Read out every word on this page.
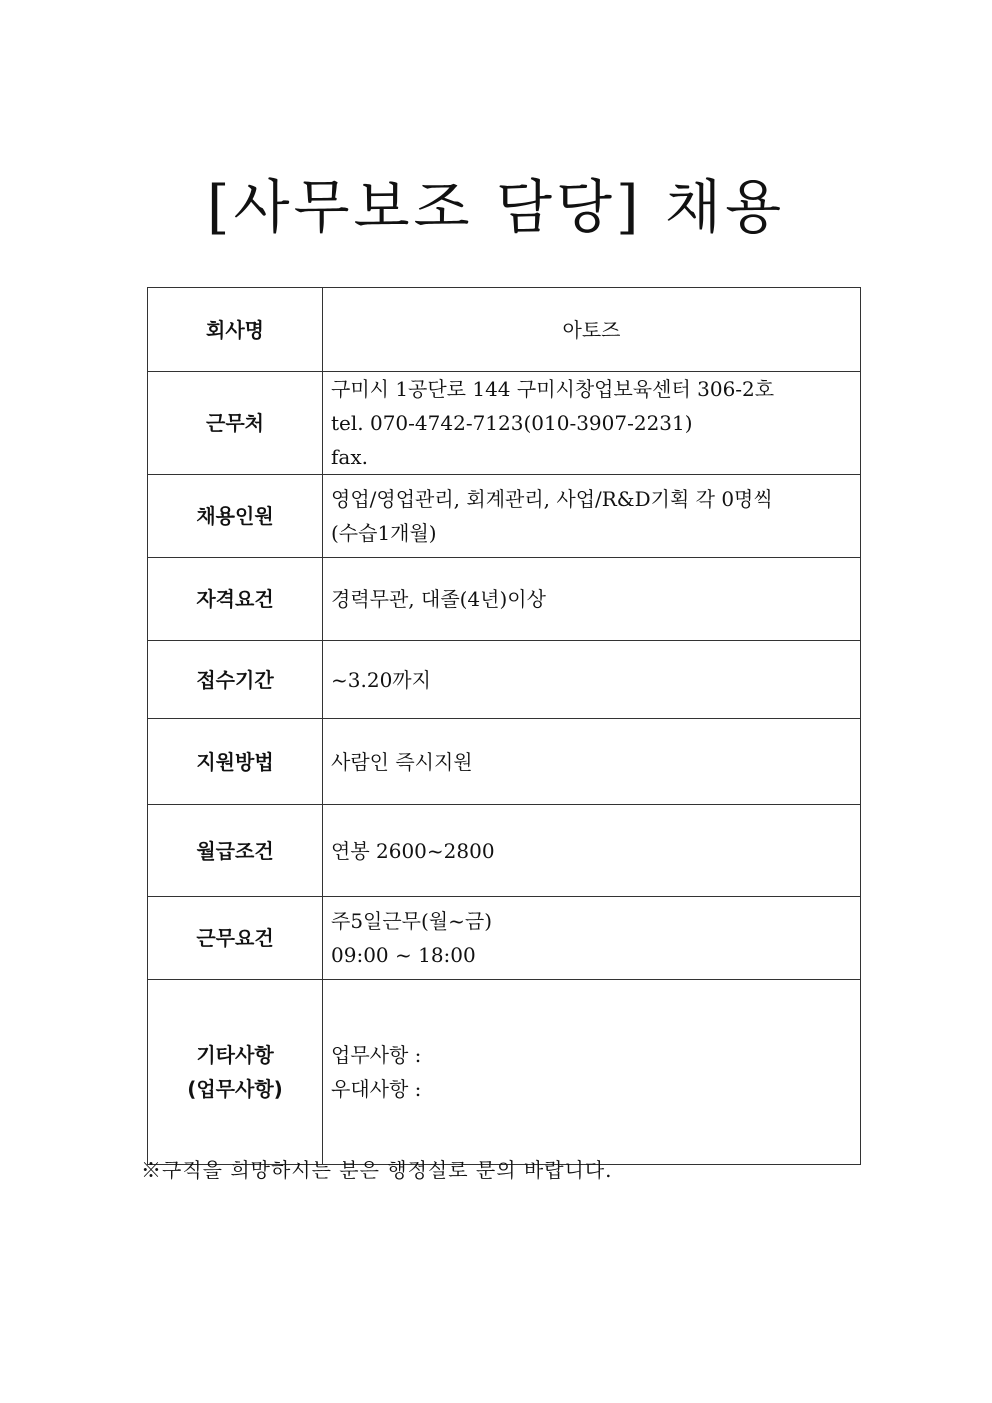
[사무보조 담당] 채용
회사명	아토즈

근무처	구미시 1공단로 144 구미시창업보육센터 306-2호
tel. 070-4742-7123(010-3907-2231)
fax.

채용인원	영업/영업관리, 회계관리, 사업/R&D기획 각 0명씩
(수습1개월)

자격요건	경력무관, 대졸(4년)이상

접수기간	~3.20까지

지원방법	사람인 즉시지원

월급조건	연봉 2600~2800

근무요건	주5일근무(월~금)
09:00 ~ 18:00

기타사항
(업무사항)	업무사항 :
우대사항 :
※구직을 희망하시는 분은 행정실로 문의 바랍니다.
